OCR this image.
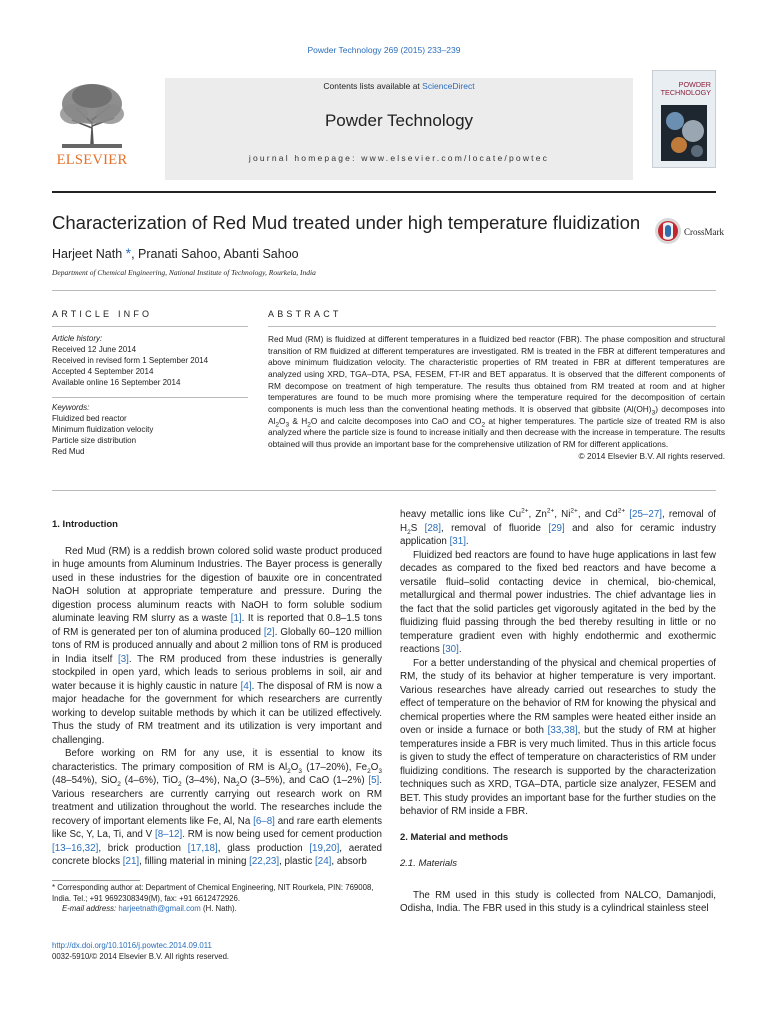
Powder Technology 269 (2015) 233–239
ELSEVIER
Contents lists available at ScienceDirect
Powder Technology
journal homepage: www.elsevier.com/locate/powtec
POWDER
TECHNOLOGY
Characterization of Red Mud treated under high temperature fluidization	CrossMark
Harjeet Nath *, Pranati Sahoo, Abanti Sahoo
Department of Chemical Engineering, National Institute of Technology, Rourkela, India
ARTICLE INFO	ABSTRACT
Article history:
Received 12 June 2014
Received in revised form 1 September 2014
Accepted 4 September 2014
Available online 16 September 2014
Keywords:
Fluidized bed reactor
Minimum fluidization velocity
Particle size distribution
Red Mud
Red Mud (RM) is fluidized at different temperatures in a fluidized bed reactor (FBR). The phase composition and structural transition of RM fluidized at different temperatures are investigated. RM is treated in the FBR at different temperatures and above minimum fluidization velocity. The characteristic properties of RM treated in FBR at different temperatures are analyzed using XRD, TGA–DTA, PSA, FESEM, FT-IR and BET apparatus. It is observed that the different components of RM decompose on treatment of high temperature. The results thus obtained from RM treated at room and at higher temperatures are found to be much more promising where the temperature required for the decomposition of certain components is much less than the conventional heating methods. It is observed that gibbsite $(Al(OH)_3)$ decomposes into $Al_2O_3$ & $H_2O$ and calcite decomposes into CaO and $CO_2$ at higher temperatures. The particle size of treated RM is also analyzed where the particle size is found to increase initially and then decrease with the increase in temperature. The results obtained will thus provide an important base for the comprehensive utilization of RM for different applications.
© 2014 Elsevier B.V. All rights reserved.

1. Introduction

Red Mud (RM) is a reddish brown colored solid waste product produced in huge amounts from Aluminum Industries. The Bayer process is generally used in these industries for the digestion of bauxite ore in concentrated NaOH solution at appropriate temperature and pressure. During the digestion process aluminum reacts with NaOH to form soluble sodium aluminate leaving RM slurry as a waste [1]. It is reported that 0.8–1.5 tons of RM is generated per ton of alumina produced [2]. Globally 60–120 million tons of RM is produced annually and about 2 million tons of RM is produced in India itself [3]. The RM produced from these industries is generally stockpiled in open yard, which leads to serious problems in soil, air and water because it is highly caustic in nature [4]. The disposal of RM is now a major headache for the government for which researchers are currently working to develop suitable methods by which it can be utilized effectively. Thus the study of RM treatment and its utilization is very important and challenging.

Before working on RM for any use, it is essential to know its characteristics. The primary composition of RM is $Al_2O_3$ (17–20%), $Fe_2O_3$ (48–54%), SiO$_2$ (4–6%), TiO$_2$ (3–4%), $Na_2O$ (3–5%), and CaO (1–2%) [5]. Various researchers are currently carrying out research work on RM treatment and utilization throughout the world. The researches include the recovery of important elements like Fe, Al, Na [6–8] and rare earth elements like Sc, Y, La, Ti, and V [8–12]. RM is now being used for cement production [13–16,32], brick production [17,18], glass production [19,20], aerated concrete blocks [21], filling material in mining [22,23], plastic [24], absorb

heavy metallic ions like $Cu^{2+}$, $Zn^{2+}$, $Ni^{2+}$, and $Cd^{2+}$ [25–27], removal of $H_2S$ [28], removal of fluoride [29] and also for ceramic industry application [31].

Fluidized bed reactors are found to have huge applications in last few decades as compared to the fixed bed reactors and have become a versatile fluid–solid contacting device in chemical, bio-chemical, metallurgical and thermal power industries. The chief advantage lies in the fact that the solid particles get vigorously agitated in the bed by the fluidizing fluid passing through the bed thereby resulting in little or no temperature gradient even with highly endothermic and exothermic reactions [30].

For a better understanding of the physical and chemical properties of RM, the study of its behavior at higher temperature is very important. Various researches have already carried out researches to study the effect of temperature on the behavior of RM for knowing the physical and chemical properties where the RM samples were heated either inside an oven or inside a furnace or both [33,38], but the study of RM at higher temperatures inside a FBR is very much limited. Thus in this article focus is given to study the effect of temperature on characteristics of RM under fluidizing conditions. The research is supported by the characterization techniques such as XRD, TGA–DTA, particle size analyzer, FESEM and BET. This study provides an important base for the further studies on the behavior of RM inside a FBR.

2. Material and methods

2.1. Materials

The RM used in this study is collected from NALCO, Damanjodi, Odisha, India. The FBR used in this study is a cylindrical stainless steel

* Corresponding author at: Department of Chemical Engineering, NIT Rourkela, PIN: 769008, India. Tel.; +91 9692308349(M), fax: +91 6612472926.
E-mail address: harjeetnath@gmail.com (H. Nath).
http://dx.doi.org/10.1016/j.powtec.2014.09.011
0032-5910/© 2014 Elsevier B.V. All rights reserved.
